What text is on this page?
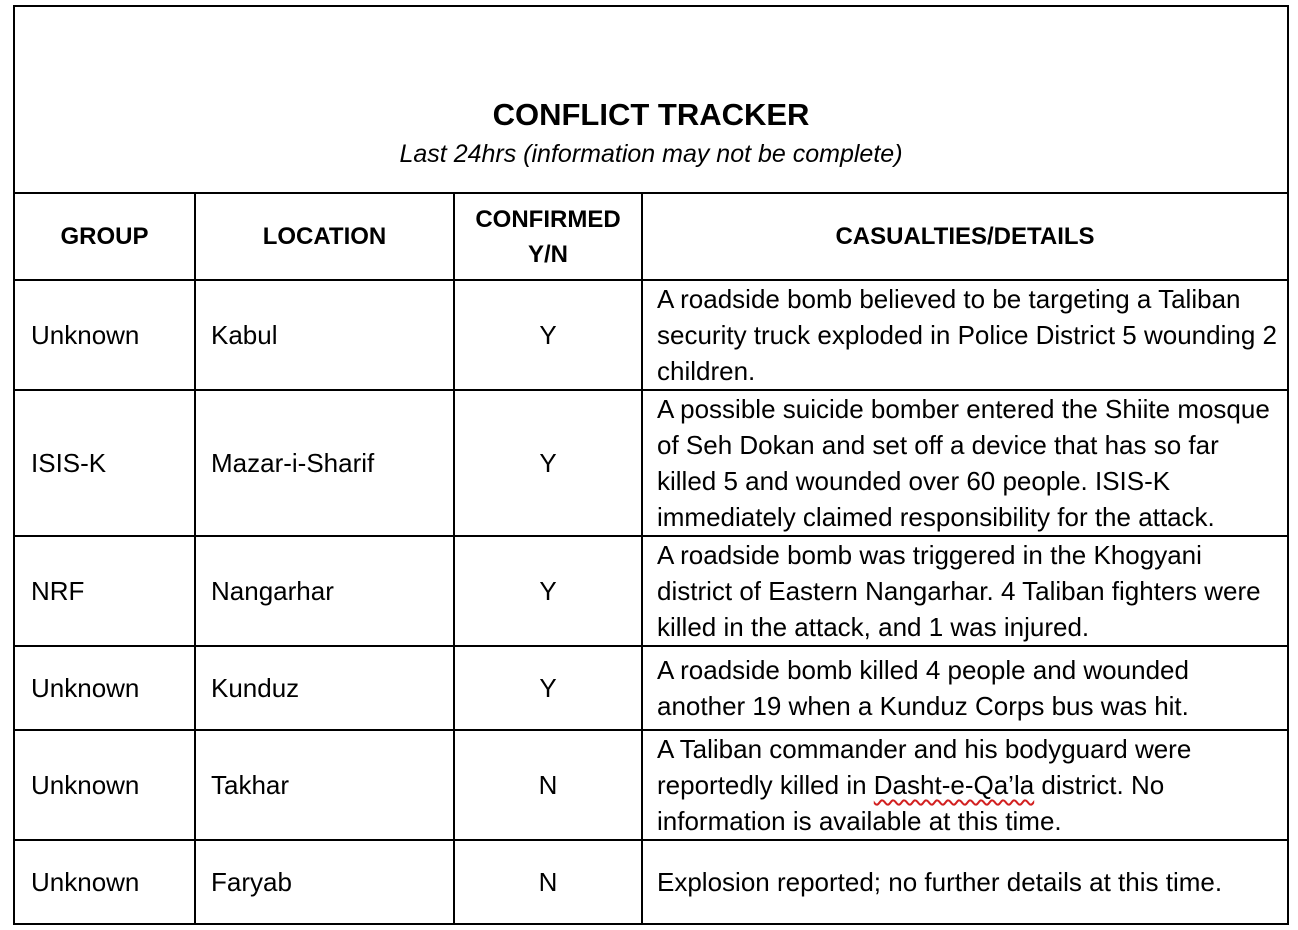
CONFLICT TRACKER
Last 24hrs (information may not be complete)			

GROUP	LOCATION	CONFIRMED Y/N	CASUALTIES/DETAILS
Unknown	Kabul	Y	A roadside bomb believed to be targeting a Taliban security truck exploded in Police District 5 wounding 2 children.
ISIS-K	Mazar-i-Sharif	Y	A possible suicide bomber entered the Shiite mosque of Seh Dokan and set off a device that has so far killed 5 and wounded over 60 people. ISIS-K immediately claimed responsibility for the attack.
NRF	Nangarhar	Y	A roadside bomb was triggered in the Khogyani district of Eastern Nangarhar. 4 Taliban fighters were killed in the attack, and 1 was injured.
Unknown	Kunduz	Y	A roadside bomb killed 4 people and wounded another 19 when a Kunduz Corps bus was hit.
Unknown	Takhar	N	A Taliban commander and his bodyguard were reportedly killed in Dasht-e-Qa’la district. No information is available at this time.
Unknown	Faryab	N	Explosion reported; no further details at this time.
